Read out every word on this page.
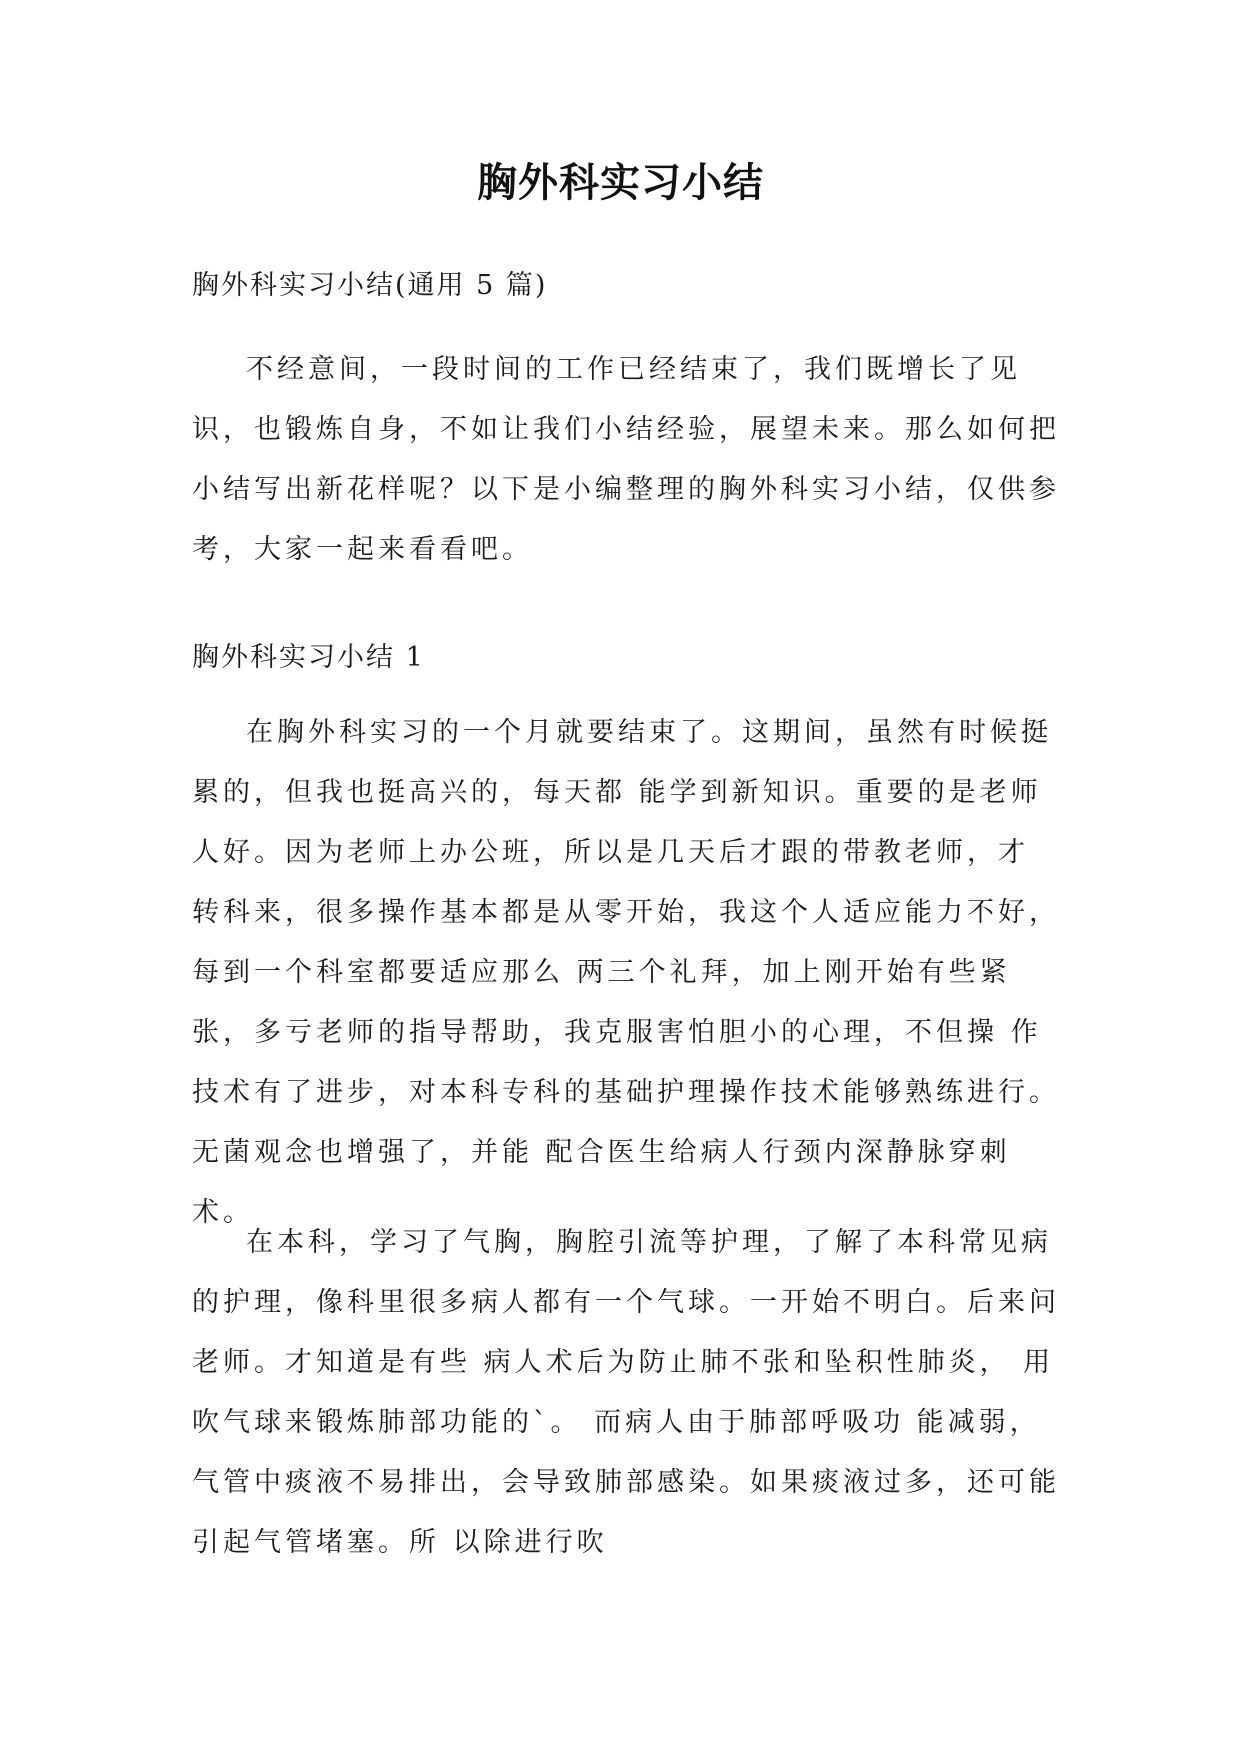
胸外科实习小结
胸外科实习小结(通用 5 篇)

不经意间，一段时间的工作已经结束了，我们既增长了见识，也锻炼自身，不如让我们小结经验，展望未来。那么如何把小结写出新花样呢？以下是小编整理的胸外科实习小结，仅供参考，大家一起来看看吧。

胸外科实习小结 1

在胸外科实习的一个月就要结束了。这期间，虽然有时候挺累的，但我也挺高兴的，每天都 能学到新知识。重要的是老师人好。因为老师上办公班，所以是几天后才跟的带教老师，才 转科来，很多操作基本都是从零开始，我这个人适应能力不好，每到一个科室都要适应那么 两三个礼拜，加上刚开始有些紧张，多亏老师的指导帮助，我克服害怕胆小的心理，不但操 作技术有了进步，对本科专科的基础护理操作技术能够熟练进行。无菌观念也增强了，并能 配合医生给病人行颈内深静脉穿刺术。

在本科，学习了气胸，胸腔引流等护理，了解了本科常见病的护理，像科里很多病人都有一个气球。一开始不明白。后来问老师。才知道是有些 病人术后为防止肺不张和坠积性肺炎， 用吹气球来锻炼肺部功能的`。 而病人由于肺部呼吸功 能减弱，气管中痰液不易排出，会导致肺部感染。如果痰液过多，还可能引起气管堵塞。所 以除进行吹
